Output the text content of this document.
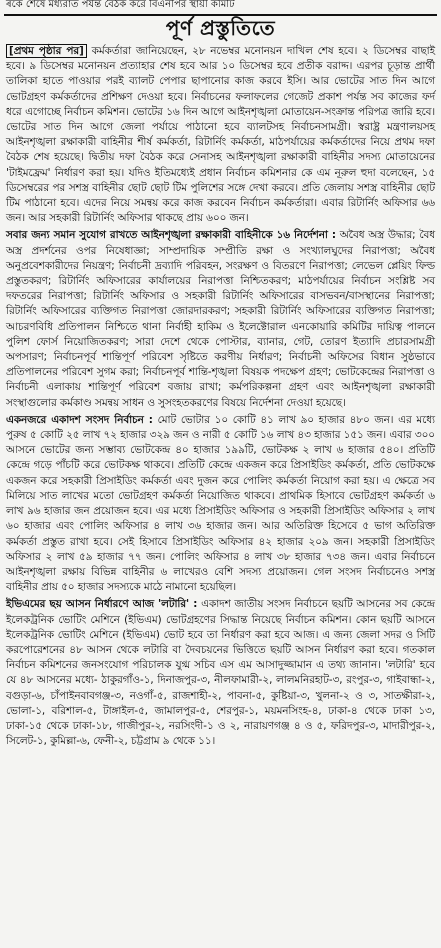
ৰকে শেষে মধ্যরাত পর্যন্ত বৈঠক করে বিএনপির স্থায়ী কমিটি
পূর্ণ প্রস্তুতিতে

[প্রথম পৃষ্ঠার পর] কর্মকর্তারা জানিয়েছেন, ২৮ নভেম্বর মনোনয়ন দাখিল শেষ হবে। ২ ডিসেম্বর বাছাই হবে। ৯ ডিসেম্বর মনোনয়ন প্রত্যাহার শেষ হবে আর ১০ ডিসেম্বর হবে প্রতীক বরাদ্দ। এরপর চূড়ান্ত প্রার্থী তালিকা হাতে পাওয়ার পরই ব্যালট পেপার ছাপানোর কাজ করবে ইসি। আর ভোটের সাত দিন আগে ভোটগ্রহণ কর্মকর্তাদের প্রশিক্ষণ দেওয়া হবে। নির্বাচনের ফলাফলের গেজেট প্রকাশ পর্যন্ত সব কাজের ফর্দ ধরে এগোচ্ছে নির্বাচন কমিশন। ভোটের ১৬ দিন আগে আইনশৃঙ্খলা মোতায়েন-সংক্রান্ত পরিপত্র জারি হবে। ভোটের সাত দিন আগে জেলা পর্যায়ে পাঠানো হবে ব্যালটসহ নির্বাচনসামগ্রী। স্বরাষ্ট্র মন্ত্রণালয়সহ আইনশৃঙ্খলা রক্ষাকারী বাহিনীর শীর্ষ কর্মকর্তা, রিটার্নিং কর্মকর্তা, মাঠপর্যায়ের কর্মকর্তাদের নিয়ে প্রথম দফা বৈঠক শেষ হয়েছে। দ্বিতীয় দফা বৈঠক করে সেনাসহ আইনশৃঙ্খলা রক্ষাকারী বাহিনীর সদস্য মোতায়েনের 'টাইমফ্রেম' নির্ধারণ করা হয়। যদিও ইতিমধ্যেই প্রধান নির্বাচন কমিশনার কে এম নূরুল হুদা বলেছেন, ১৫ ডিসেম্বরের পর সশস্ত্র বাহিনীর ছোট ছোট টিম পুলিশের সঙ্গে দেখা করবে। প্রতি জেলায় সশস্ত্র বাহিনীর ছোট টিম পাঠানো হবে। এদের নিয়ে সমন্বয় করে কাজ করবেন নির্বাচন কর্মকর্তারা। এবার রিটার্নিং অফিসার ৬৬ জন। আর সহকারী রিটার্নিং অফিসার থাকছে প্রায় ৬০০ জন।

সবার জন্য সমান সুযোগ রাখতে আইনশৃঙ্খলা রক্ষাকারী বাহিনীকে ১৬ নির্দেশনা : অবৈধ অস্ত্র উদ্ধার; বৈধ অস্ত্র প্রদর্শনের ওপর নিষেধাজ্ঞা; সাম্প্রদায়িক সম্প্রীতি রক্ষা ও সংখ্যালঘুদের নিরাপত্তা; অবৈধ অনুপ্রবেশকারীদের নিয়ন্ত্রণ; নির্বাচনী দ্রব্যাদি পরিবহন, সংরক্ষণ ও বিতরণে নিরাপত্তা; লেভেল প্লেয়িং ফিল্ড প্রস্তুতকরণ; রিটার্নিং অফিসারের কার্যালয়ের নিরাপত্তা নিশ্চিতকরণ; মাঠপর্যায়ের নির্বাচন সংশ্লিষ্ট সব দফতরের নিরাপত্তা; রিটার্নিং অফিসার ও সহকারী রিটার্নিং অফিসারের বাসভবন/বাসস্থানের নিরাপত্তা; রিটার্নিং অফিসারের ব্যক্তিগত নিরাপত্তা জোরদারকরণ; সহকারী রিটার্নিং অফিসারের ব্যক্তিগত নিরাপত্তা; আচরণবিধি প্রতিপালন নিশ্চিতে থানা নির্বাহী হাকিম ও ইলেক্টোরাল এনকোয়ারি কমিটির দায়িত্ব পালনে পুলিশ ফোর্স নিয়োজিতকরণ; সারা দেশে থেকে পোস্টার, ব্যানার, গেট, তোরণ ইত্যাদি প্রচারসামগ্রী অপসারণ; নির্বাচনপূর্ব শান্তিপূর্ণ পরিবেশ সৃষ্টিতে করণীয় নির্ধারণ; নির্বাচনী অফিসের বিধান সুষ্ঠভাবে প্রতিপালনের পরিবেশ সুগম করা; নির্বাচনপূর্ব শান্তি-শৃঙ্খলা বিষয়ক পদক্ষেপ গ্রহণ; ভোটকেন্দ্রের নিরাপত্তা ও নির্বাচনী এলাকায় শান্তিপূর্ণ পরিবেশ বজায় রাখা; কর্মপরিকল্পনা গ্রহণ এবং আইনশৃঙ্খলা রক্ষাকারী সংস্থাগুলোর কর্মকাণ্ড সমন্বয় সাধন ও সুসংহতকরণের বিষয়ে নির্দেশনা দেওয়া হয়েছে।

একনজরে একাদশ সংসদ নির্বাচন : মোট ভোটার ১০ কোটি ৪১ লাখ ৯০ হাজার ৪৮০ জন। এর মধ্যে পুরুষ ৫ কোটি ২৫ লাখ ৭২ হাজার ৩২৯ জন ও নারী ৫ কোটি ১৬ লাখ ৪৩ হাজার ১৫১ জন। এবার ৩০০ আসনে ভোটের জন্য সম্ভাব্য ভোটকেন্দ্র ৪০ হাজার ১৯৯টি, ভোটকক্ষ ২ লাখ ৬ হাজার ৫৪০। প্রতিটি কেন্দ্রে গড়ে পাঁচটি করে ভোটকক্ষ থাকবে। প্রতিটি কেন্দ্রে একজন করে প্রিসাইডিং কর্মকর্তা, প্রতি ভোটকক্ষে একজন করে সহকারী প্রিসাইডিং কর্মকর্তা এবং দুজন করে পোলিং কর্মকর্তা নিয়োগ করা হয়। এ ক্ষেত্রে সব মিলিয়ে সাত লাখের মতো ভোটগ্রহণ কর্মকর্তা নিয়োজিত থাকবে। প্রাথমিক হিসাবে ভোটগ্রহণ কর্মকর্তা ৬ লাখ ৯৬ হাজার জন প্রয়োজন হবে। এর মধ্যে প্রিসাইডিং অফিসার ও সহকারী প্রিসাইডিং অফিসার ২ লাখ ৬০ হাজার এবং পোলিং অফিসার ৪ লাখ ৩৬ হাজার জন। আর অতিরিক্ত হিসেবে ৫ ভাগ অতিরিক্ত কর্মকর্তা প্রস্তুত রাখা হবে। সেই হিসাবে প্রিসাইডিং অফিসার ৪২ হাজার ২০৯ জন। সহকারী প্রিসাইডিং অফিসার ২ লাখ ৫৯ হাজার ৭৭ জন। পোলিং অফিসার ৪ লাখ ৩৮ হাজার ৭৩৪ জন। এবার নির্বাচনে আইনশৃঙ্খলা রক্ষায় বিভিন্ন বাহিনীর ৬ লাখেরও বেশি সদস্য প্রয়োজন। গেল সংসদ নির্বাচনেও সশস্ত্র বাহিনীর প্রায় ৫০ হাজার সদস্যকে মাঠে নামানো হয়েছিল।

ইভিএমের ছয় আসন নির্ধারণে আজ 'লটারি' : একাদশ জাতীয় সংসদ নির্বাচনে ছয়টি আসনের সব কেন্দ্রে ইলেকট্রনিক ভোটিং মেশিনে (ইভিএম) ভোটগ্রহণের সিদ্ধান্ত নিয়েছে নির্বাচন কমিশন। কোন ছয়টি আসনে ইলেকট্রনিক ভোটিং মেশিনে (ইভিএম) ভোট হবে তা নির্ধারণ করা হবে আজ। এ জন্য জেলা সদর ও সিটি করপোরেশনের ৪৮ আসন থেকে লটারি বা দৈবচয়নের ভিত্তিতে ছয়টি আসন নির্ধারণ করা হবে। গতকাল নির্বাচন কমিশনের জনসংযোগ পরিচালক যুগ্ম সচিব এস এম আসাদুজ্জামান এ তথ্য জানান। 'লটারি' হবে যে ৪৮ আসনের মধ্যে- ঠাকুরগাঁও-১, দিনাজপুর-৩, নীলফামারী-২, লালমনিরহাট-৩, রংপুর-৩, গাইবান্ধা-২, বগুড়া-৬, চাঁপাইনবাবগঞ্জ-৩, নওগাঁ-৫, রাজশাহী-২, পাবনা-৫, কুষ্টিয়া-৩, খুলনা-২ ও ৩, সাতক্ষীরা-২, ভোলা-১, বরিশাল-৫, টাঙ্গাইল-৫, জামালপুর-৫, শেরপুর-১, ময়মনসিংহ-৪, ঢাকা-৪ থেকে ঢাকা ১৩, ঢাকা-১৫ থেকে ঢাকা-১৮, গাজীপুর-২, নরসিংদী-১ ও ২, নারায়ণগঞ্জ ৪ ও ৫, ফরিদপুর-৩, মাদারীপুর-২, সিলেট-১, কুমিল্লা-৬, ফেনী-২, চট্টগ্রাম ৯ থেকে ১১।
